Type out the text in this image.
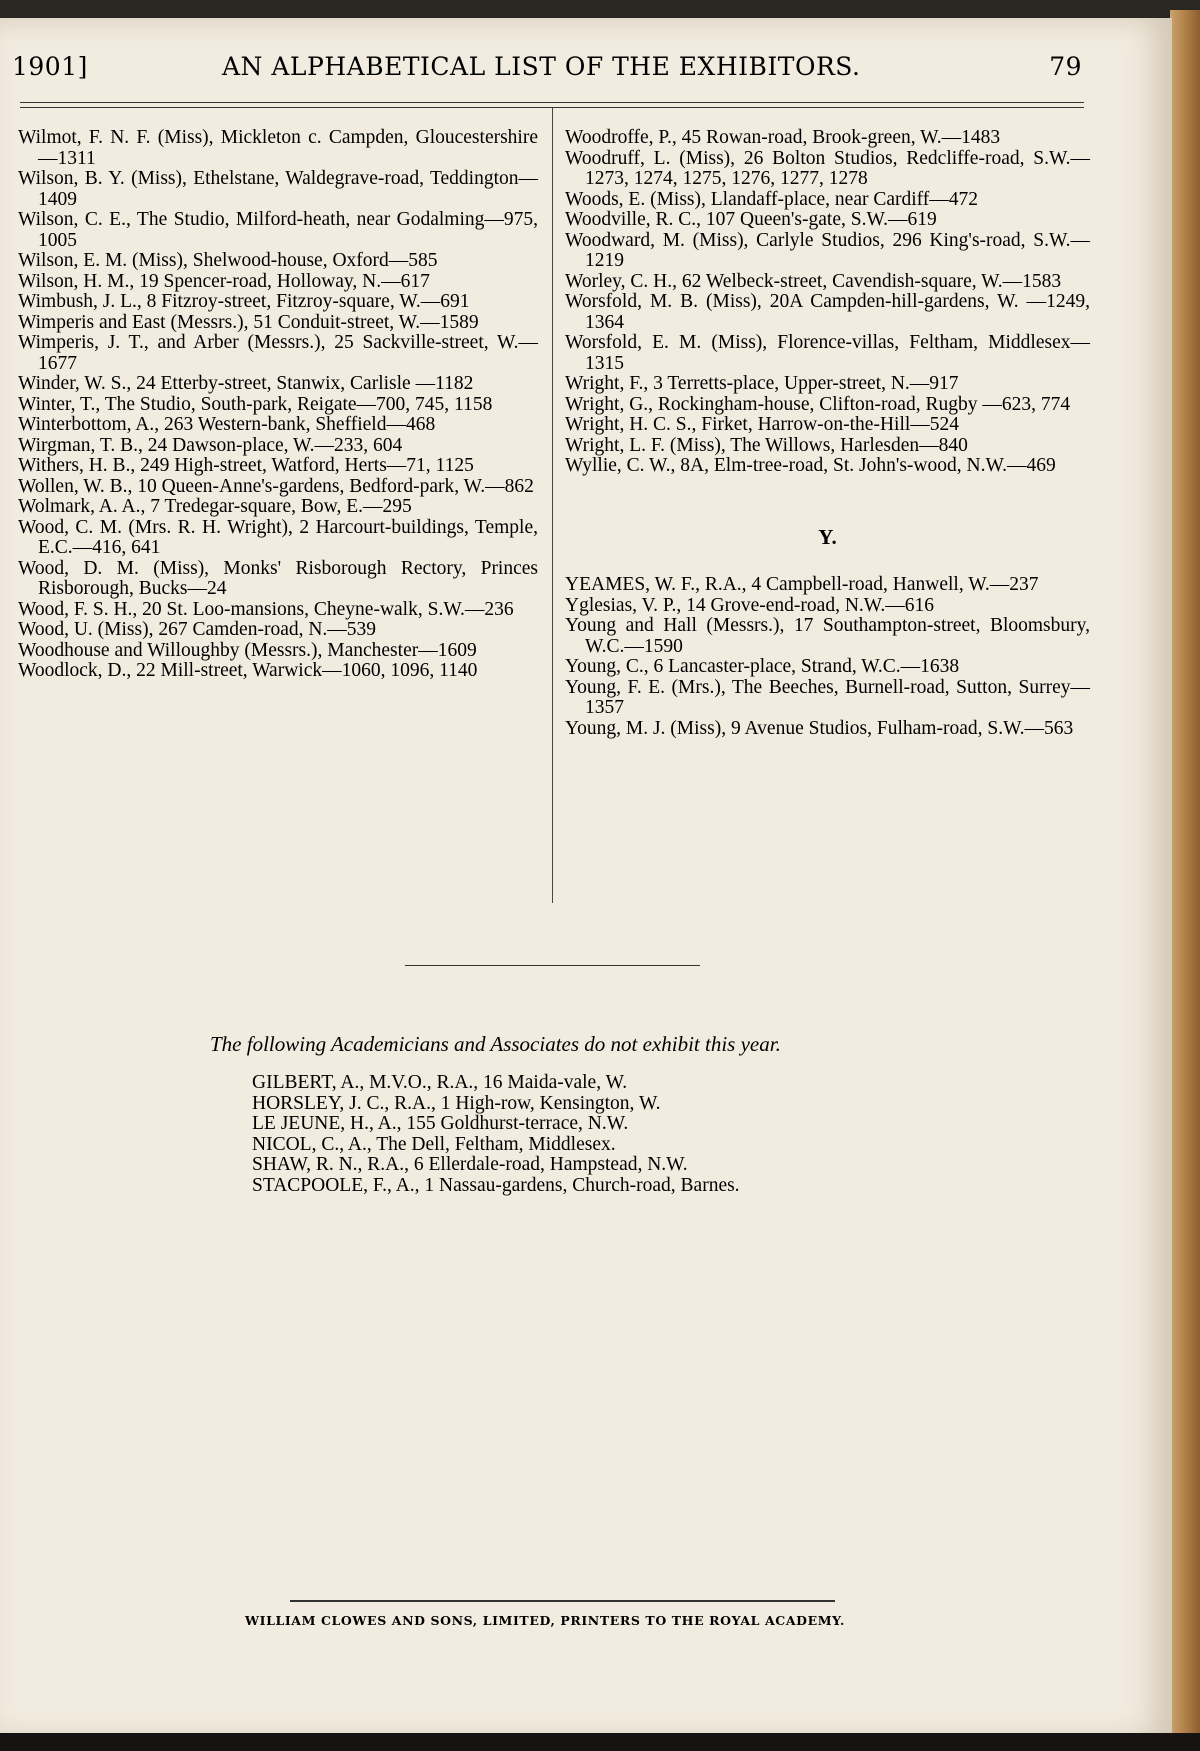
1901]	AN ALPHABETICAL LIST OF THE EXHIBITORS.	79

Wilmot, F. N. F. (Miss), Mickleton c. Campden, Gloucestershire—1311

Wilson, B. Y. (Miss), Ethelstane, Waldegrave-road, Teddington—1409

Wilson, C. E., The Studio, Milford-heath, near Godalming—975, 1005

Wilson, E. M. (Miss), Shelwood-house, Oxford—585

Wilson, H. M., 19 Spencer-road, Holloway, N.—617

Wimbush, J. L., 8 Fitzroy-street, Fitzroy-square, W.—691

Wimperis and East (Messrs.), 51 Conduit-street, W.—1589

Wimperis, J. T., and Arber (Messrs.), 25 Sackville-street, W.—1677

Winder, W. S., 24 Etterby-street, Stanwix, Carlisle —1182

Winter, T., The Studio, South-park, Reigate—700, 745, 1158

Winterbottom, A., 263 Western-bank, Sheffield—468

Wirgman, T. B., 24 Dawson-place, W.—233, 604

Withers, H. B., 249 High-street, Watford, Herts—71, 1125

Wollen, W. B., 10 Queen-Anne's-gardens, Bedford-park, W.—862

Wolmark, A. A., 7 Tredegar-square, Bow, E.—295

Wood, C. M. (Mrs. R. H. Wright), 2 Harcourt-buildings, Temple, E.C.—416, 641

Wood, D. M. (Miss), Monks' Risborough Rectory, Princes Risborough, Bucks—24

Wood, F. S. H., 20 St. Loo-mansions, Cheyne-walk, S.W.—236

Wood, U. (Miss), 267 Camden-road, N.—539

Woodhouse and Willoughby (Messrs.), Manchester—1609

Woodlock, D., 22 Mill-street, Warwick—1060, 1096, 1140

Woodroffe, P., 45 Rowan-road, Brook-green, W.—1483

Woodruff, L. (Miss), 26 Bolton Studios, Redcliffe-road, S.W.—1273, 1274, 1275, 1276, 1277, 1278

Woods, E. (Miss), Llandaff-place, near Cardiff—472

Woodville, R. C., 107 Queen's-gate, S.W.—619

Woodward, M. (Miss), Carlyle Studios, 296 King's-road, S.W.—1219

Worley, C. H., 62 Welbeck-street, Cavendish-square, W.—1583

Worsfold, M. B. (Miss), 20A Campden-hill-gardens, W. —1249, 1364

Worsfold, E. M. (Miss), Florence-villas, Feltham, Middlesex—1315

Wright, F., 3 Terretts-place, Upper-street, N.—917

Wright, G., Rockingham-house, Clifton-road, Rugby —623, 774

Wright, H. C. S., Firket, Harrow-on-the-Hill—524

Wright, L. F. (Miss), The Willows, Harlesden—840

Wyllie, C. W., 8A, Elm-tree-road, St. John's-wood, N.W.—469

Y.

YEAMES, W. F., R.A., 4 Campbell-road, Hanwell, W.—237

Yglesias, V. P., 14 Grove-end-road, N.W.—616

Young and Hall (Messrs.), 17 Southampton-street, Bloomsbury, W.C.—1590

Young, C., 6 Lancaster-place, Strand, W.C.—1638

Young, F. E. (Mrs.), The Beeches, Burnell-road, Sutton, Surrey—1357

Young, M. J. (Miss), 9 Avenue Studios, Fulham-road, S.W.—563

The following Academicians and Associates do not exhibit this year.
GILBERT, A., M.V.O., R.A., 16 Maida-vale, W.
HORSLEY, J. C., R.A., 1 High-row, Kensington, W.
LE JEUNE, H., A., 155 Goldhurst-terrace, N.W.
NICOL, C., A., The Dell, Feltham, Middlesex.
SHAW, R. N., R.A., 6 Ellerdale-road, Hampstead, N.W.
STACPOOLE, F., A., 1 Nassau-gardens, Church-road, Barnes.
WILLIAM CLOWES AND SONS, LIMITED, PRINTERS TO THE ROYAL ACADEMY.
